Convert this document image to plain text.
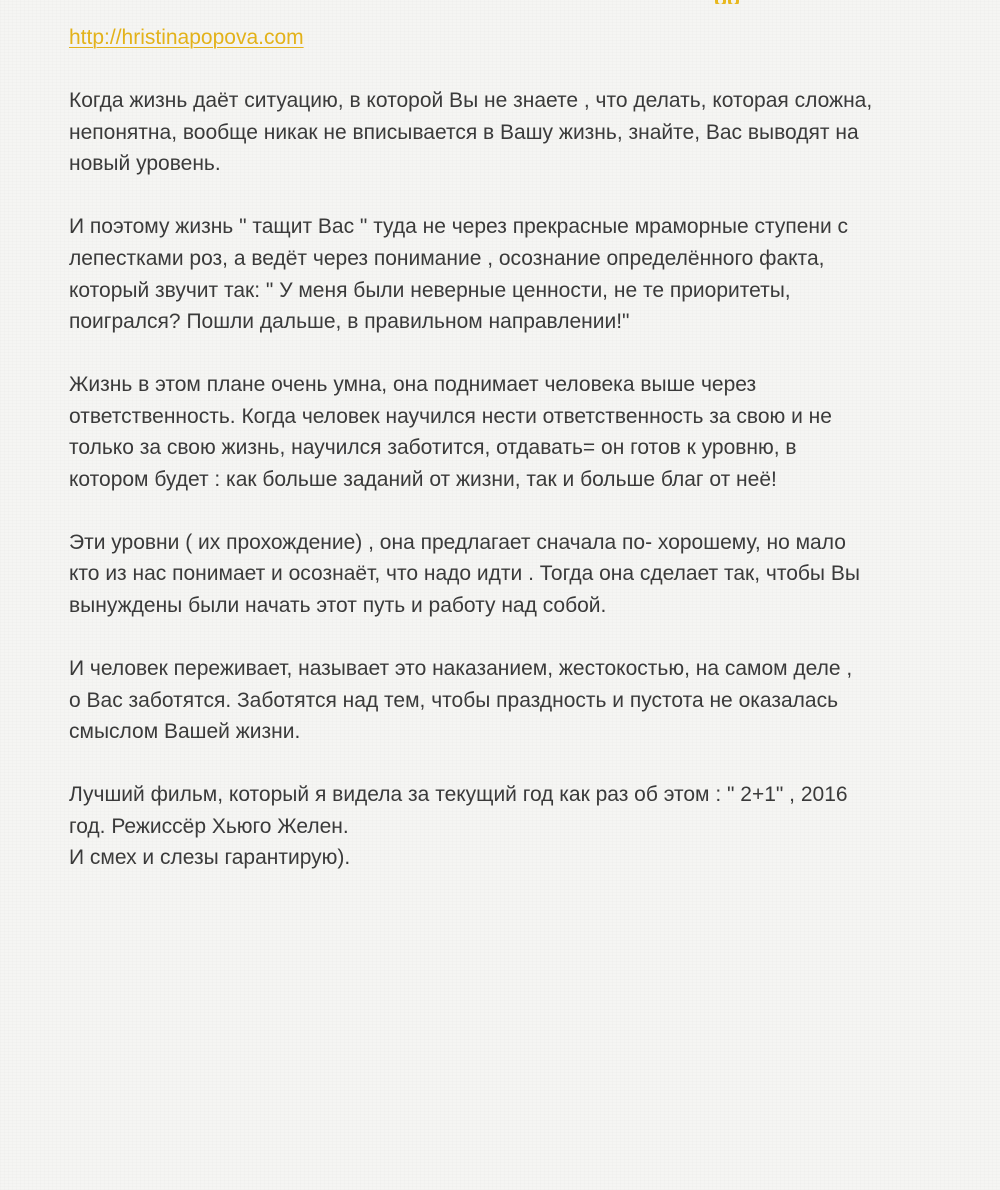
http://hristinapopova.com

Когда жизнь даёт ситуацию, в которой Вы не знаете , что делать, которая сложна,
непонятна, вообще никак не вписывается в Вашу жизнь, знайте, Вас выводят на
новый уровень.

И поэтому жизнь " тащит Вас " туда не через прекрасные мраморные ступени с
лепестками роз, а ведёт через понимание , осознание определённого факта,
который звучит так: " У меня были неверные ценности, не те приоритеты,
поигрался? Пошли дальше, в правильном направлении!"

Жизнь в этом плане очень умна, она поднимает человека выше через
ответственность. Когда человек научился нести ответственность за свою и не
только за свою жизнь, научился заботится, отдавать= он готов к уровню, в
котором будет : как больше заданий от жизни, так и больше благ от неё!

Эти уровни ( их прохождение) , она предлагает сначала по- хорошему, но мало
кто из нас понимает и осознаёт, что надо идти . Тогда она сделает так, чтобы Вы
вынуждены были начать этот путь и работу над собой.

И человек переживает, называет это наказанием, жестокостью, на самом деле ,
о Вас заботятся. Заботятся над тем, чтобы праздность и пустота не оказалась
смыслом Вашей жизни.

Лучший фильм, который я видела за текущий год как раз об этом : " 2+1" , 2016
год. Режиссёр Хьюго Желен.
И смех и слезы гарантирую).
